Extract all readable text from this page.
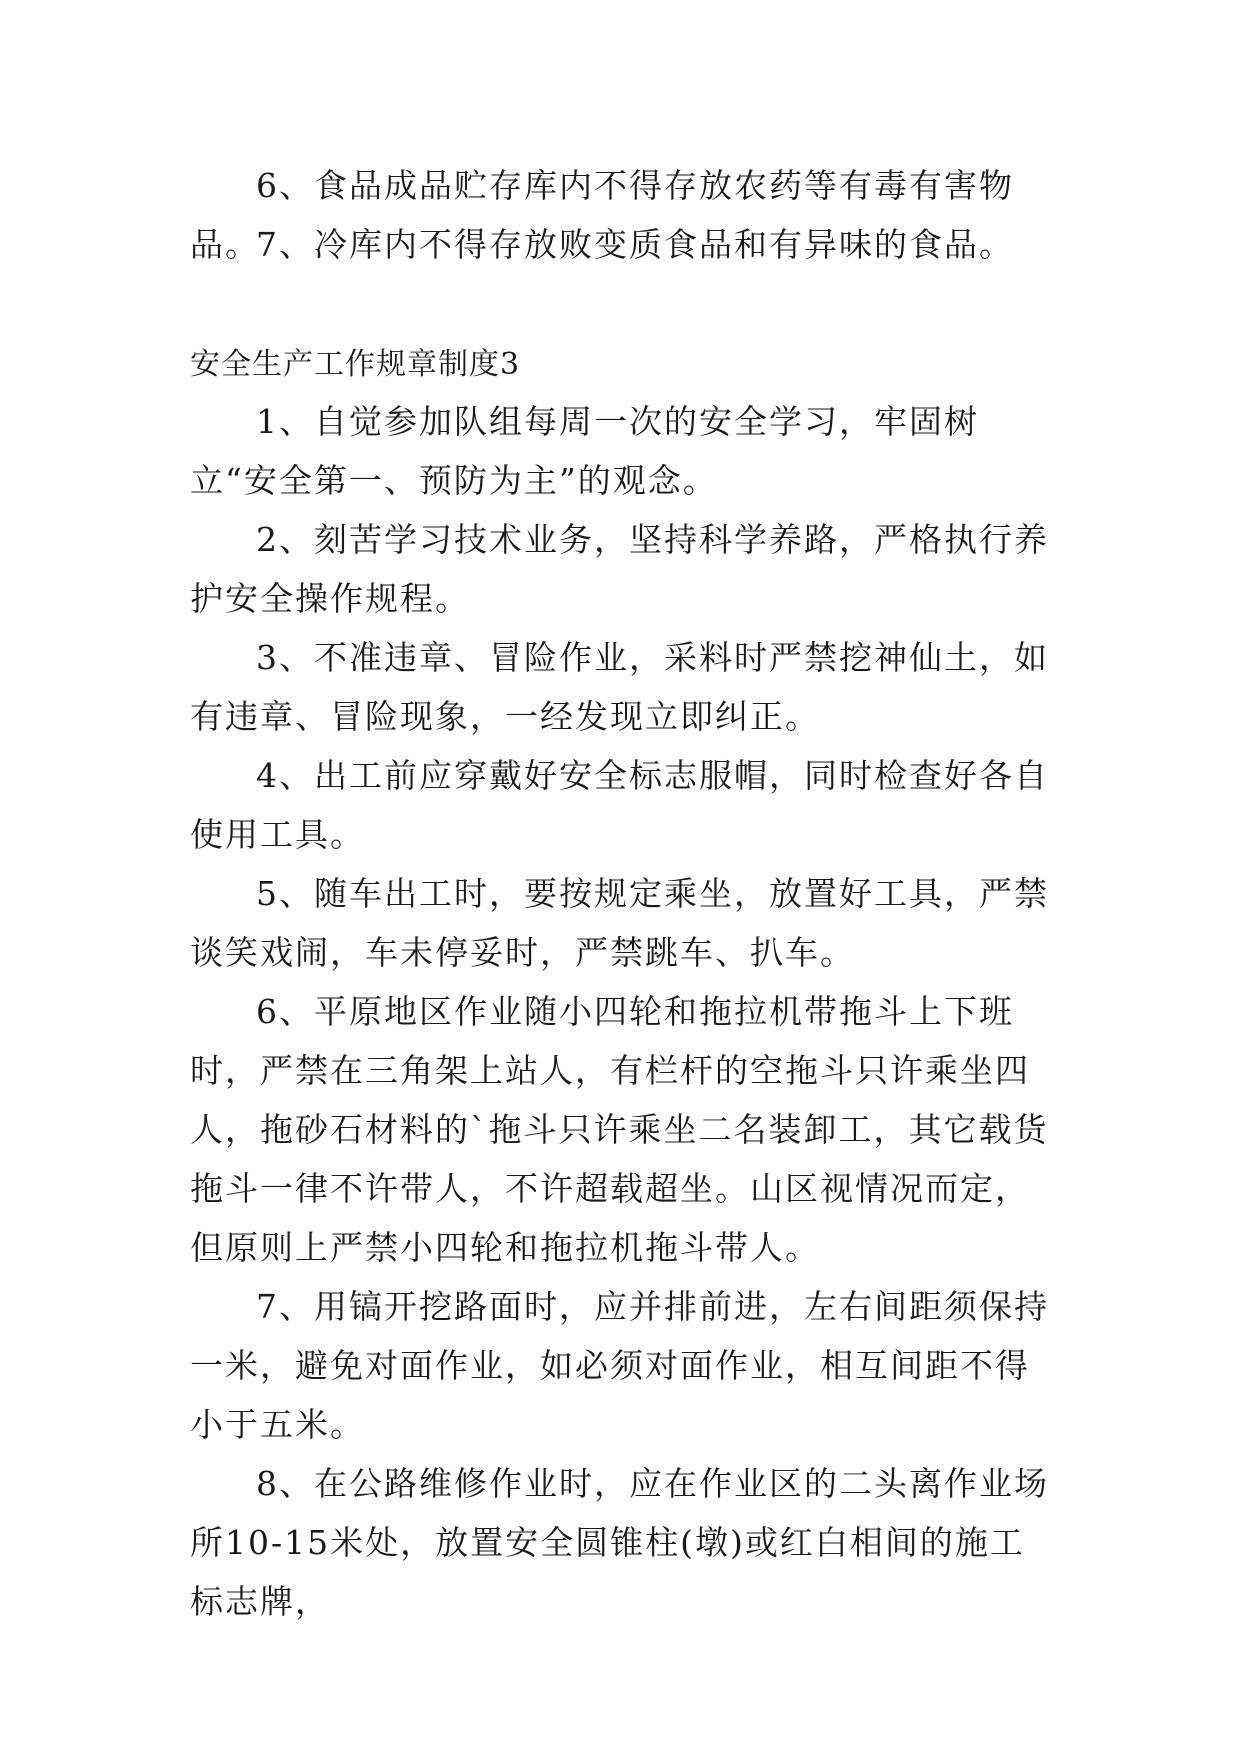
6、食品成品贮存库内不得存放农药等有毒有害物品。

7、冷库内不得存放败变质食品和有异味的食品。

安全生产工作规章制度3

1、自觉参加队组每周一次的安全学习，牢固树立“安全第一、预防为主”的观念。

2、刻苦学习技术业务，坚持科学养路，严格执行养护安全操作规程。

3、不准违章、冒险作业，采料时严禁挖神仙土，如有违章、冒险现象，一经发现立即纠正。

4、出工前应穿戴好安全标志服帽，同时检查好各自使用工具。

5、随车出工时，要按规定乘坐，放置好工具，严禁谈笑戏闹，车未停妥时，严禁跳车、扒车。

6、平原地区作业随小四轮和拖拉机带拖斗上下班时，严禁在三角架上站人，有栏杆的空拖斗只许乘坐四人，拖砂石材料的`拖斗只许乘坐二名装卸工，其它载货拖斗一律不许带人，不许超载超坐。山区视情况而定，但原则上严禁小四轮和拖拉机拖斗带人。

7、用镐开挖路面时，应并排前进，左右间距须保持一米，避免对面作业，如必须对面作业，相互间距不得小于五米。

8、在公路维修作业时，应在作业区的二头离作业场所10-15米处，放置安全圆锥柱(墩)或红白相间的施工标志牌，
